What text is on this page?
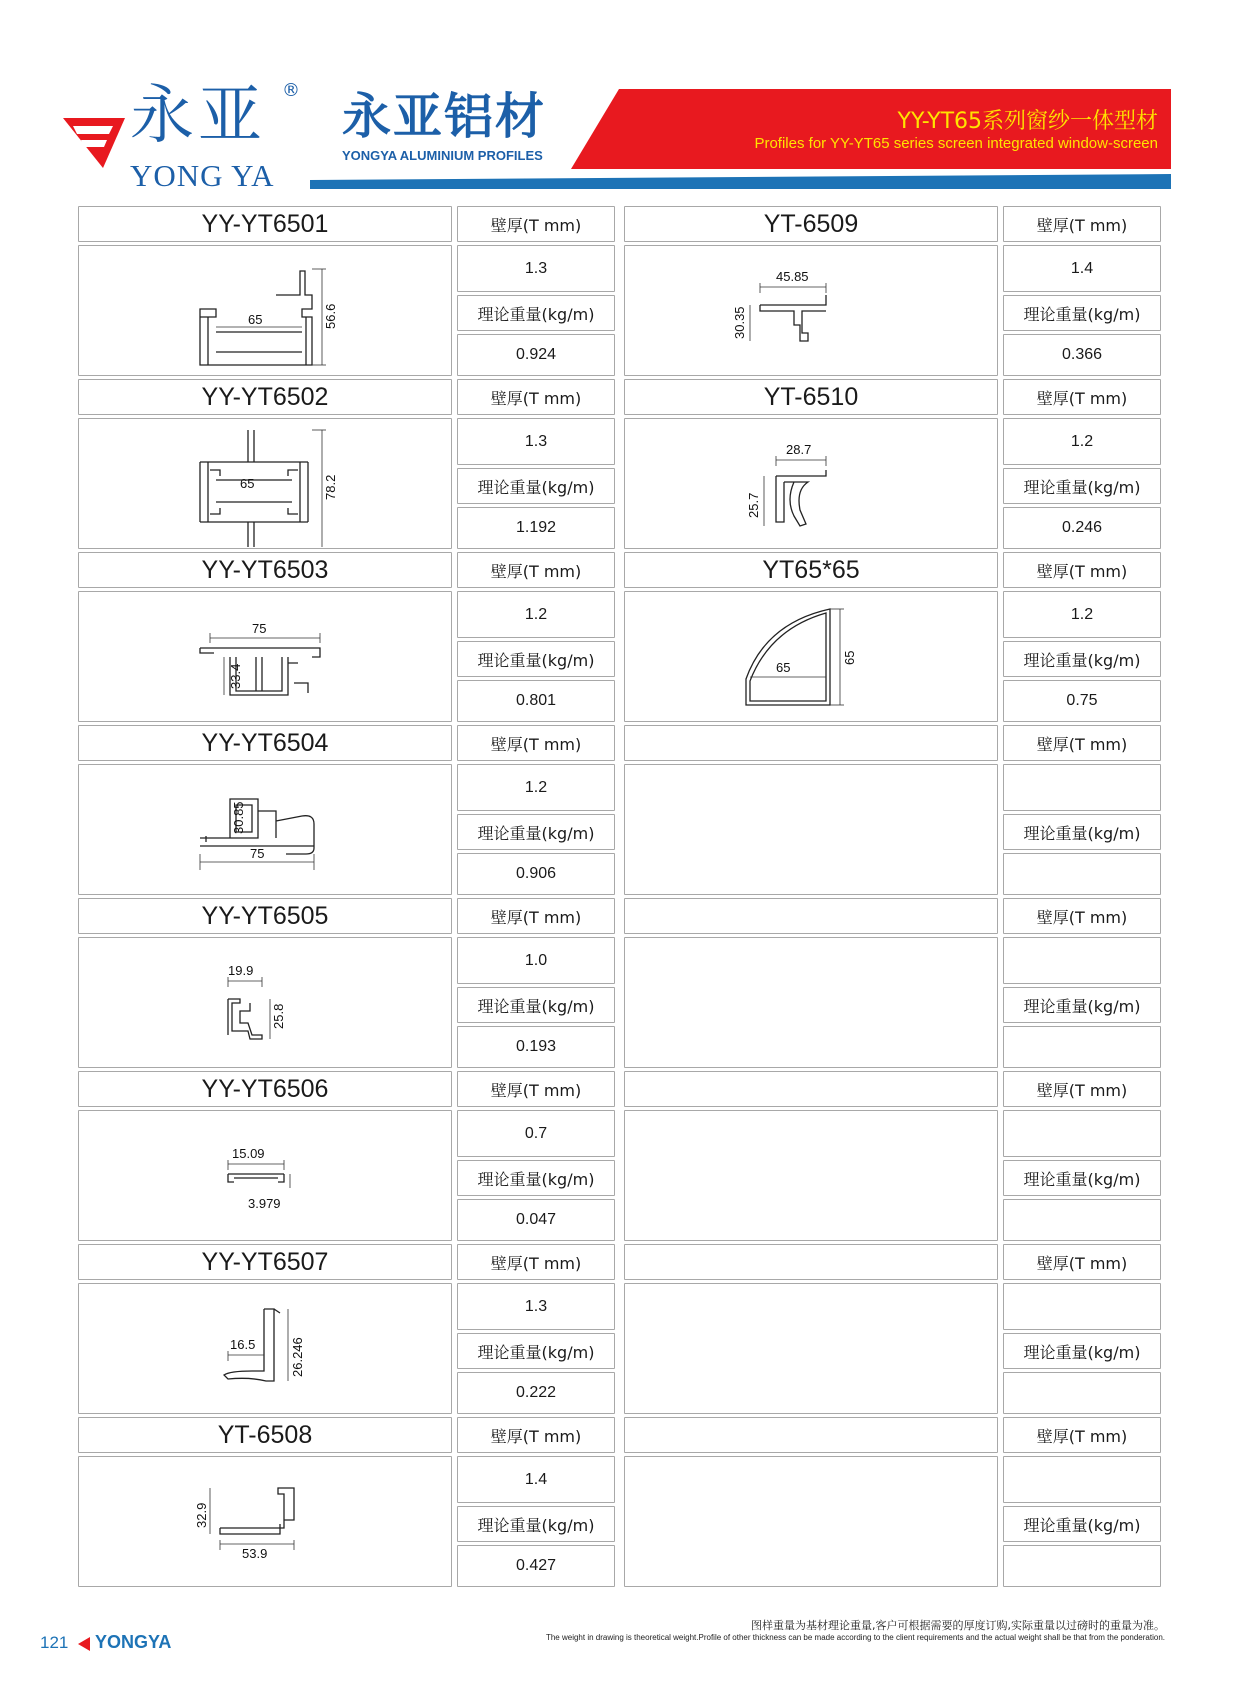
永亚 ®
YONG YA
永亚铝材
YONGYA ALUMINIUM PROFILES
YY-YT65系列窗纱一体型材
Profiles for YY-YT65 series screen integrated window-screen
YY-YT6501
65	56.6
壁厚(T mm)
1.3
理论重量(kg/m)
0.924
YY-YT6502
65	78.2
壁厚(T mm)
1.3
理论重量(kg/m)
1.192
YY-YT6503
75
33.4
壁厚(T mm)
1.2
理论重量(kg/m)
0.801
YY-YT6504
75
30.85
壁厚(T mm)
1.2
理论重量(kg/m)
0.906
YY-YT6505
19.9
25.8
壁厚(T mm)
1.0
理论重量(kg/m)
0.193
YY-YT6506
15.09
3.979
壁厚(T mm)
0.7
理论重量(kg/m)
0.047
YY-YT6507
16.5	26.246
壁厚(T mm)
1.3
理论重量(kg/m)
0.222
YT-6508
53.9
32.9
壁厚(T mm)
1.4
理论重量(kg/m)
0.427
YT-6509
45.85
30.35
壁厚(T mm)
1.4
理论重量(kg/m)
0.366
YT-6510
28.7
25.7
壁厚(T mm)
1.2
理论重量(kg/m)
0.246
YT65*65
65
65
壁厚(T mm)
1.2
理论重量(kg/m)
0.75
壁厚(T mm)
理论重量(kg/m)
壁厚(T mm)
理论重量(kg/m)
壁厚(T mm)
理论重量(kg/m)
壁厚(T mm)
理论重量(kg/m)
壁厚(T mm)
理论重量(kg/m)
121 YONGYA
图样重量为基材理论重量,客户可根据需要的厚度订购,实际重量以过磅时的重量为准。
The weight in drawing is theoretical weight.Profile of other thickness can be made according to the client requirements and the actual weight shall be that from the ponderation.
